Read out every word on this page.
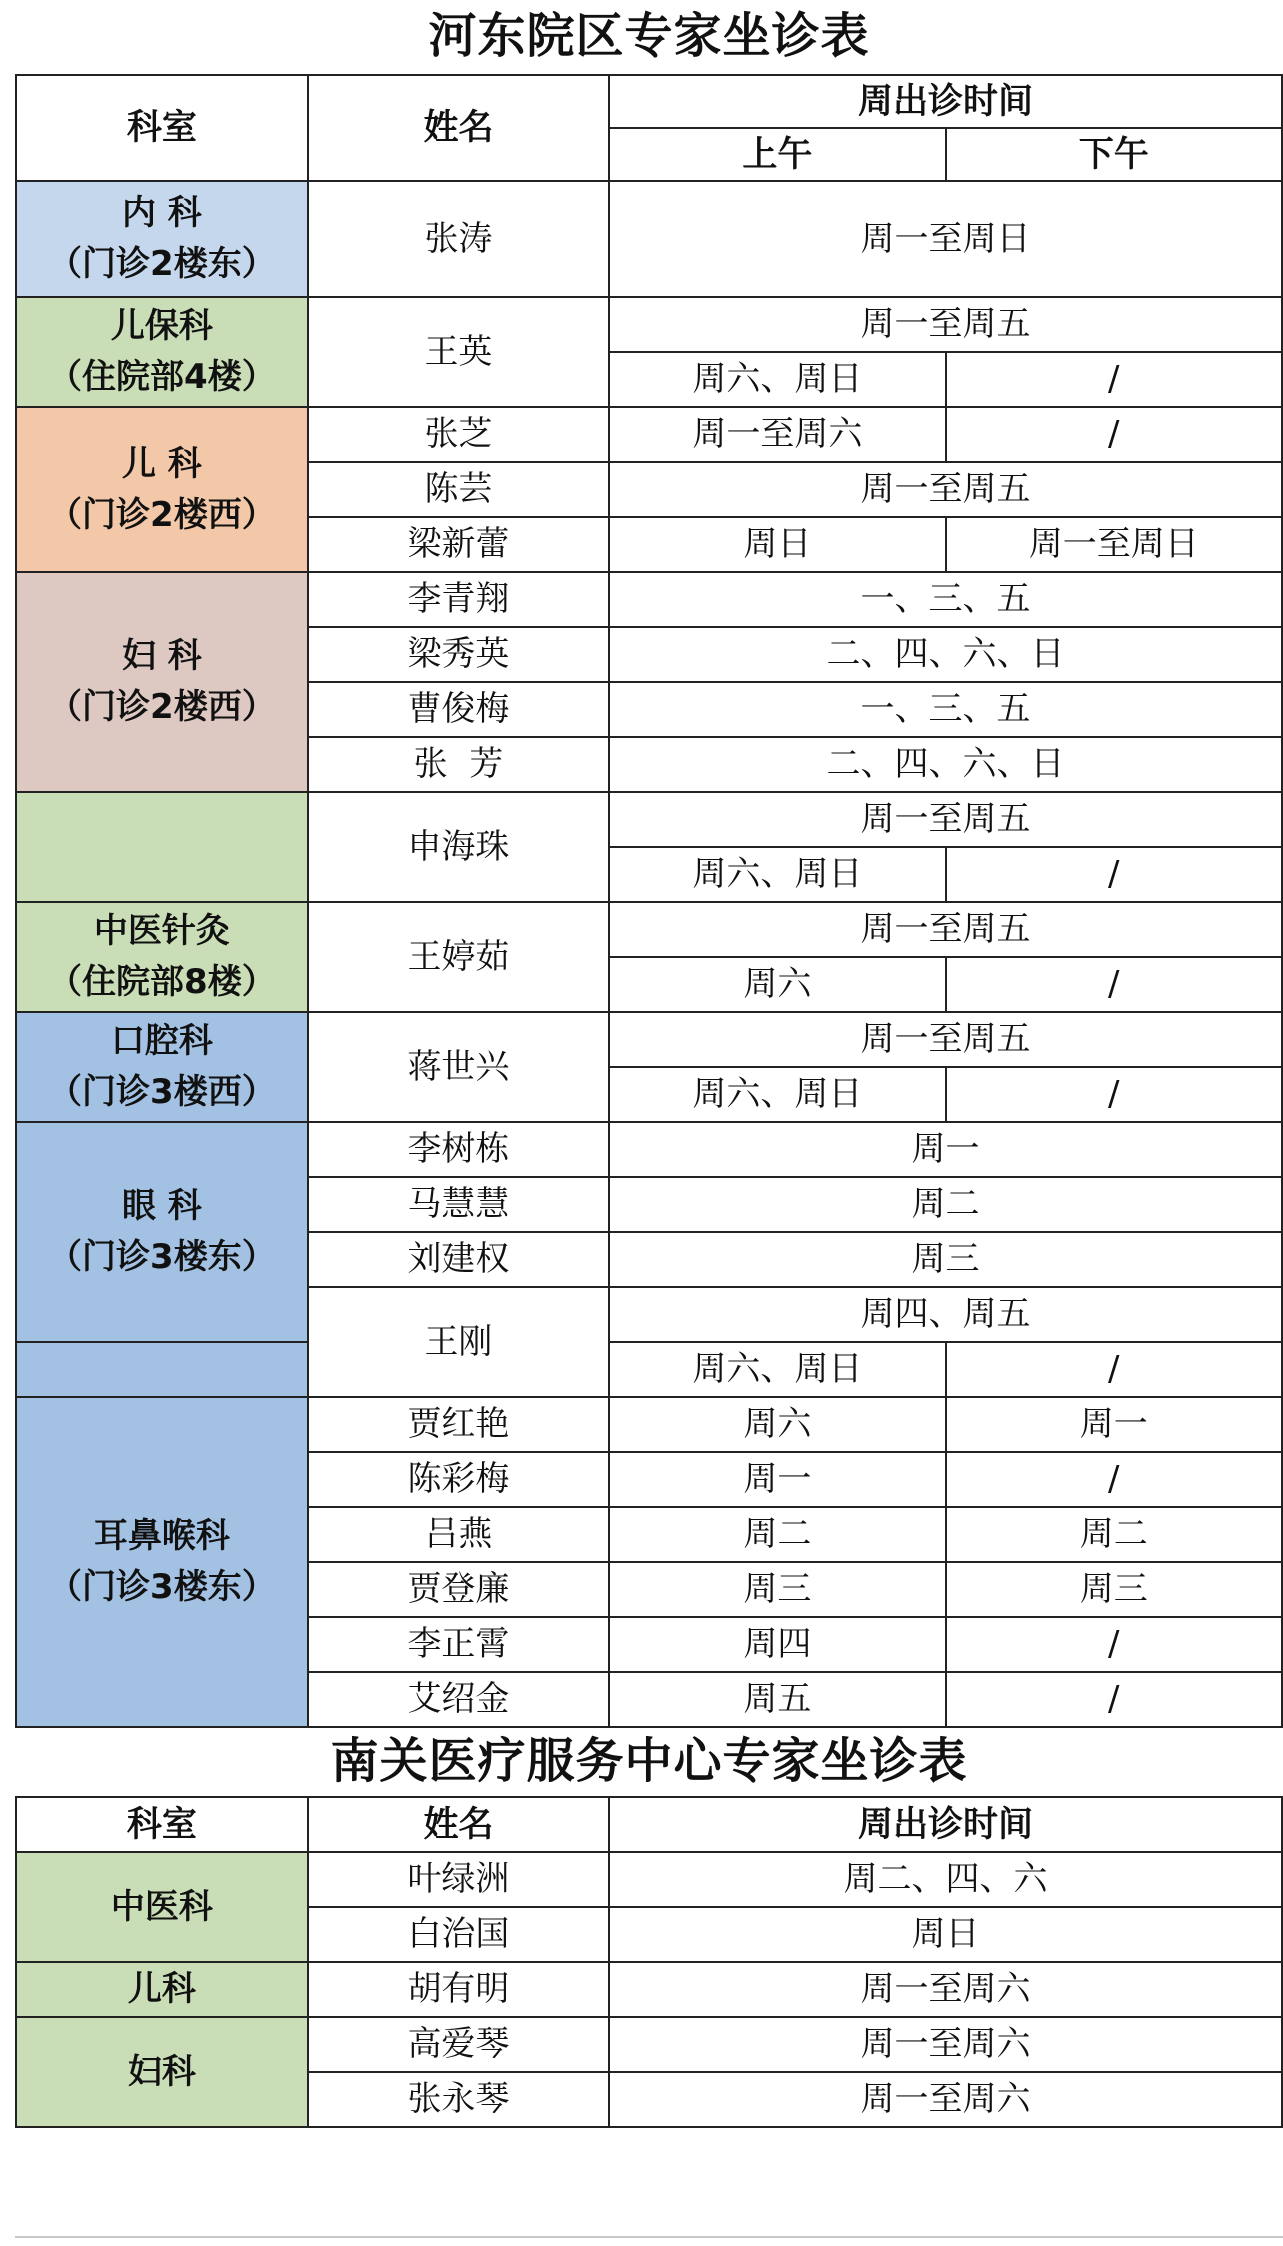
河东院区专家坐诊表			
科室	姓名	周出诊时间	
		上午	下午

内 科
（门诊2楼东）	张涛	周一至周日	

儿保科
（住院部4楼）	王英	周一至周五	
		周六、周日	/

儿 科
（门诊2楼西）	张芝	周一至周六	/
	陈芸	周一至周五	
	梁新蕾	周日	周一至周日

妇 科
（门诊2楼西）	李青翔	一、三、五	
	梁秀英	二、四、六、日	
	曹俊梅	一、三、五	
	张  芳	二、四、六、日	
	申海珠	周一至周五	
		周六、周日	/

中医针灸
（住院部8楼）	王婷茹	周一至周五	
		周六	/

口腔科
（门诊3楼西）	蒋世兴	周一至周五	
		周六、周日	/

眼 科
（门诊3楼东）	李树栋	周一	
	马慧慧	周二	
	刘建权	周三	
	王刚	周四、周五	
		周六、周日	/

耳鼻喉科
（门诊3楼东）	贾红艳	周六	周一
	陈彩梅	周一	/
	吕燕	周二	周二
	贾登廉	周三	周三
	李正霄	周四	/
	艾绍金	周五	/
南关医疗服务中心专家坐诊表			
科室	姓名	周出诊时间	
中医科	叶绿洲	周二、四、六	
	白治国	周日	
儿科	胡有明	周一至周六	
妇科	高爱琴	周一至周六	
	张永琴	周一至周六	
